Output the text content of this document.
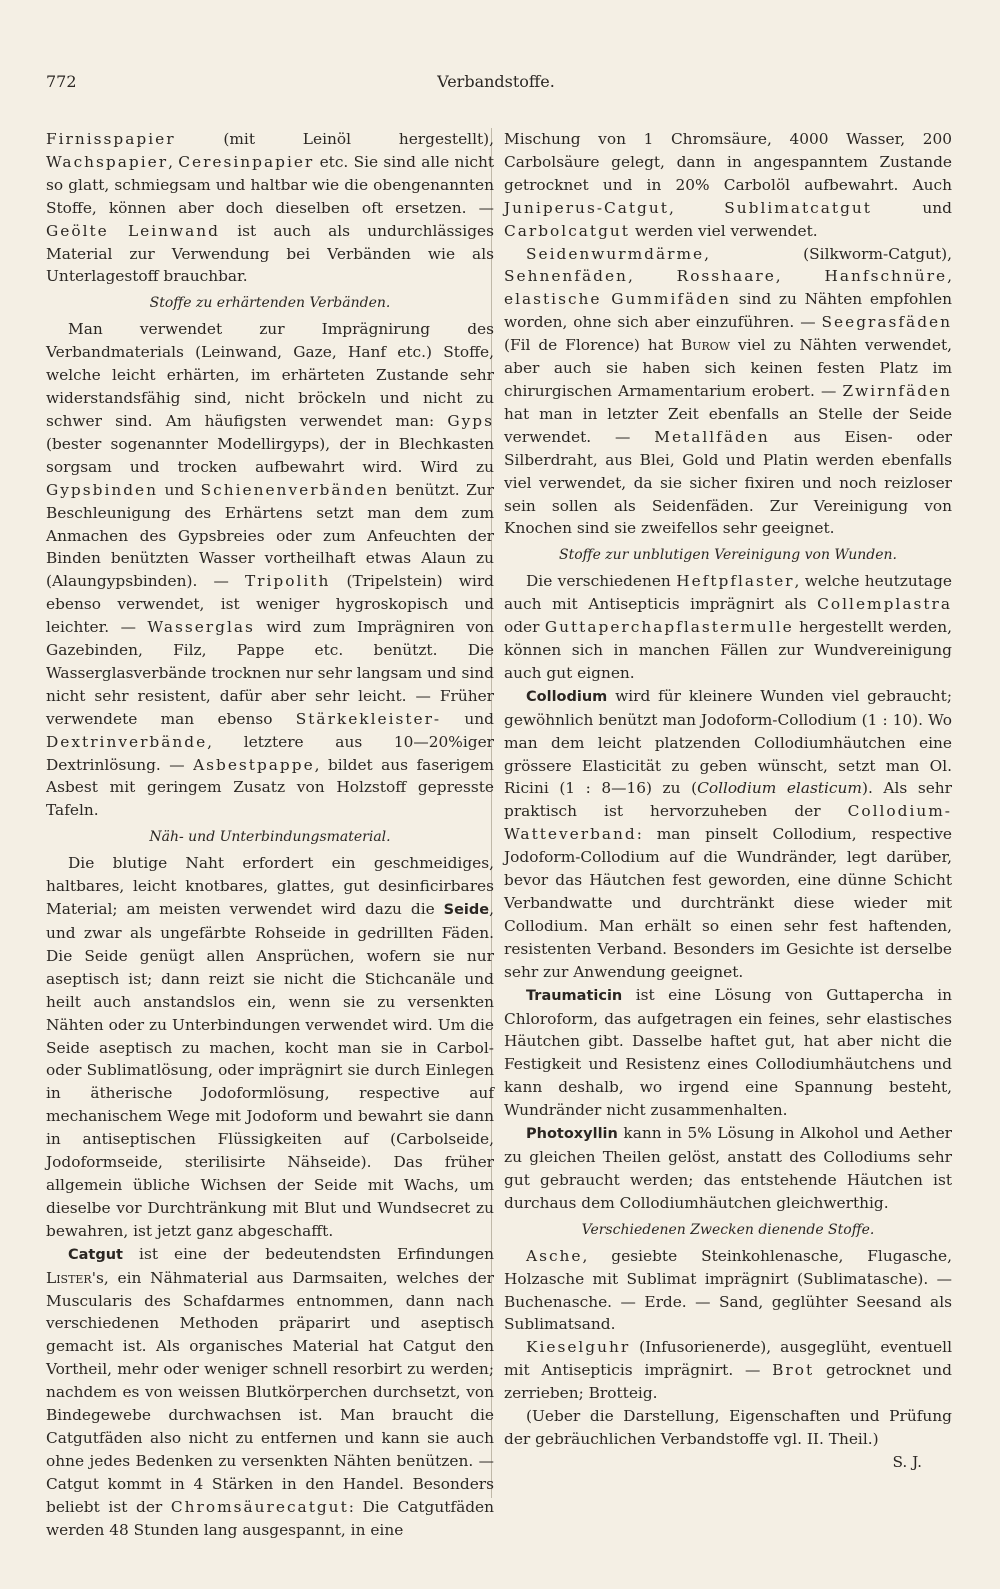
772	Verbandstoffe.

Firnisspapier (mit Leinöl hergestellt), Wachspapier, Ceresinpapier etc. Sie sind alle nicht so glatt, schmiegsam und haltbar wie die obengenannten Stoffe, können aber doch dieselben oft ersetzen. — Geölte Leinwand ist auch als undurchlässiges Material zur Verwendung bei Verbänden wie als Unterlagestoff brauchbar.

Stoffe zu erhärtenden Verbänden.

Man verwendet zur Imprägnirung des Verbandmaterials (Leinwand, Gaze, Hanf etc.) Stoffe, welche leicht erhärten, im erhärteten Zustande sehr widerstandsfähig sind, nicht bröckeln und nicht zu schwer sind. Am häufigsten verwendet man: Gyps (bester sogenannter Modellirgyps), der in Blechkasten sorgsam und trocken aufbewahrt wird. Wird zu Gypsbinden und Schienenverbänden benützt. Zur Beschleunigung des Erhärtens setzt man dem zum Anmachen des Gypsbreies oder zum Anfeuchten der Binden benützten Wasser vortheilhaft etwas Alaun zu (Alaungypsbinden). — Tripolith (Tripelstein) wird ebenso verwendet, ist weniger hygroskopisch und leichter. — Wasserglas wird zum Imprägniren von Gazebinden, Filz, Pappe etc. benützt. Die Wasserglasverbände trocknen nur sehr langsam und sind nicht sehr resistent, dafür aber sehr leicht. — Früher verwendete man ebenso Stärkekleister- und Dextrinverbände, letztere aus 10—20%iger Dextrinlösung. — Asbestpappe, bildet aus faserigem Asbest mit geringem Zusatz von Holzstoff gepresste Tafeln.

Näh- und Unterbindungsmaterial.

Die blutige Naht erfordert ein geschmeidiges, haltbares, leicht knotbares, glattes, gut desinficirbares Material; am meisten verwendet wird dazu die Seide, und zwar als ungefärbte Rohseide in gedrillten Fäden. Die Seide genügt allen Ansprüchen, wofern sie nur aseptisch ist; dann reizt sie nicht die Stichcanäle und heilt auch anstandslos ein, wenn sie zu versenkten Nähten oder zu Unterbindungen verwendet wird. Um die Seide aseptisch zu machen, kocht man sie in Carbol- oder Sublimatlösung, oder imprägnirt sie durch Einlegen in ätherische Jodoformlösung, respective auf mechanischem Wege mit Jodoform und bewahrt sie dann in antiseptischen Flüssigkeiten auf (Carbolseide, Jodoformseide, sterilisirte Nähseide). Das früher allgemein übliche Wichsen der Seide mit Wachs, um dieselbe vor Durchtränkung mit Blut und Wundsecret zu bewahren, ist jetzt ganz abgeschafft.

Catgut ist eine der bedeutendsten Erfindungen Lister's, ein Nähmaterial aus Darmsaiten, welches der Muscularis des Schafdarmes entnommen, dann nach verschiedenen Methoden präparirt und aseptisch gemacht ist. Als organisches Material hat Catgut den Vortheil, mehr oder weniger schnell resorbirt zu werden; nachdem es von weissen Blutkörperchen durchsetzt, von Bindegewebe durchwachsen ist. Man braucht die Catgutfäden also nicht zu entfernen und kann sie auch ohne jedes Bedenken zu versenkten Nähten benützen. — Catgut kommt in 4 Stärken in den Handel. Besonders beliebt ist der Chromsäurecatgut: Die Catgutfäden werden 48 Stunden lang ausgespannt, in eine

Mischung von 1 Chromsäure, 4000 Wasser, 200 Carbolsäure gelegt, dann in angespanntem Zustande getrocknet und in 20% Carbolöl aufbewahrt. Auch Juniperus-Catgut, Sublimatcatgut und Carbolcatgut werden viel verwendet.

Seidenwurmdärme, (Silkworm-Catgut), Sehnenfäden, Rosshaare, Hanfschnüre, elastische Gummifäden sind zu Nähten empfohlen worden, ohne sich aber einzuführen. — Seegrasfäden (Fil de Florence) hat Burow viel zu Nähten verwendet, aber auch sie haben sich keinen festen Platz im chirurgischen Armamentarium erobert. — Zwirnfäden hat man in letzter Zeit ebenfalls an Stelle der Seide verwendet. — Metallfäden aus Eisen- oder Silberdraht, aus Blei, Gold und Platin werden ebenfalls viel verwendet, da sie sicher fixiren und noch reizloser sein sollen als Seidenfäden. Zur Vereinigung von Knochen sind sie zweifellos sehr geeignet.

Stoffe zur unblutigen Vereinigung von Wunden.

Die verschiedenen Heftpflaster, welche heutzutage auch mit Antisepticis imprägnirt als Collemplastra oder Guttaperchapflastermulle hergestellt werden, können sich in manchen Fällen zur Wundvereinigung auch gut eignen.

Collodium wird für kleinere Wunden viel gebraucht; gewöhnlich benützt man Jodoform-Collodium (1 : 10). Wo man dem leicht platzenden Collodiumhäutchen eine grössere Elasticität zu geben wünscht, setzt man Ol. Ricini (1 : 8—16) zu (Collodium elasticum). Als sehr praktisch ist hervorzuheben der Collodium-Watteverband: man pinselt Collodium, respective Jodoform-Collodium auf die Wundränder, legt darüber, bevor das Häutchen fest geworden, eine dünne Schicht Verbandwatte und durchtränkt diese wieder mit Collodium. Man erhält so einen sehr fest haftenden, resistenten Verband. Besonders im Gesichte ist derselbe sehr zur Anwendung geeignet.

Traumaticin ist eine Lösung von Guttapercha in Chloroform, das aufgetragen ein feines, sehr elastisches Häutchen gibt. Dasselbe haftet gut, hat aber nicht die Festigkeit und Resistenz eines Collodiumhäutchens und kann deshalb, wo irgend eine Spannung besteht, Wundränder nicht zusammenhalten.

Photoxyllin kann in 5% Lösung in Alkohol und Aether zu gleichen Theilen gelöst, anstatt des Collodiums sehr gut gebraucht werden; das entstehende Häutchen ist durchaus dem Collodiumhäutchen gleichwerthig.

Verschiedenen Zwecken dienende Stoffe.

Asche, gesiebte Steinkohlenasche, Flugasche, Holzasche mit Sublimat imprägnirt (Sublimatasche). — Buchenasche. — Erde. — Sand, geglühter Seesand als Sublimatsand.

Kieselguhr (Infusorienerde), ausgeglüht, eventuell mit Antisepticis imprägnirt. — Brot getrocknet und zerrieben; Brotteig.

(Ueber die Darstellung, Eigenschaften und Prüfung der gebräuchlichen Verbandstoffe vgl. II. Theil.)

S. J.
